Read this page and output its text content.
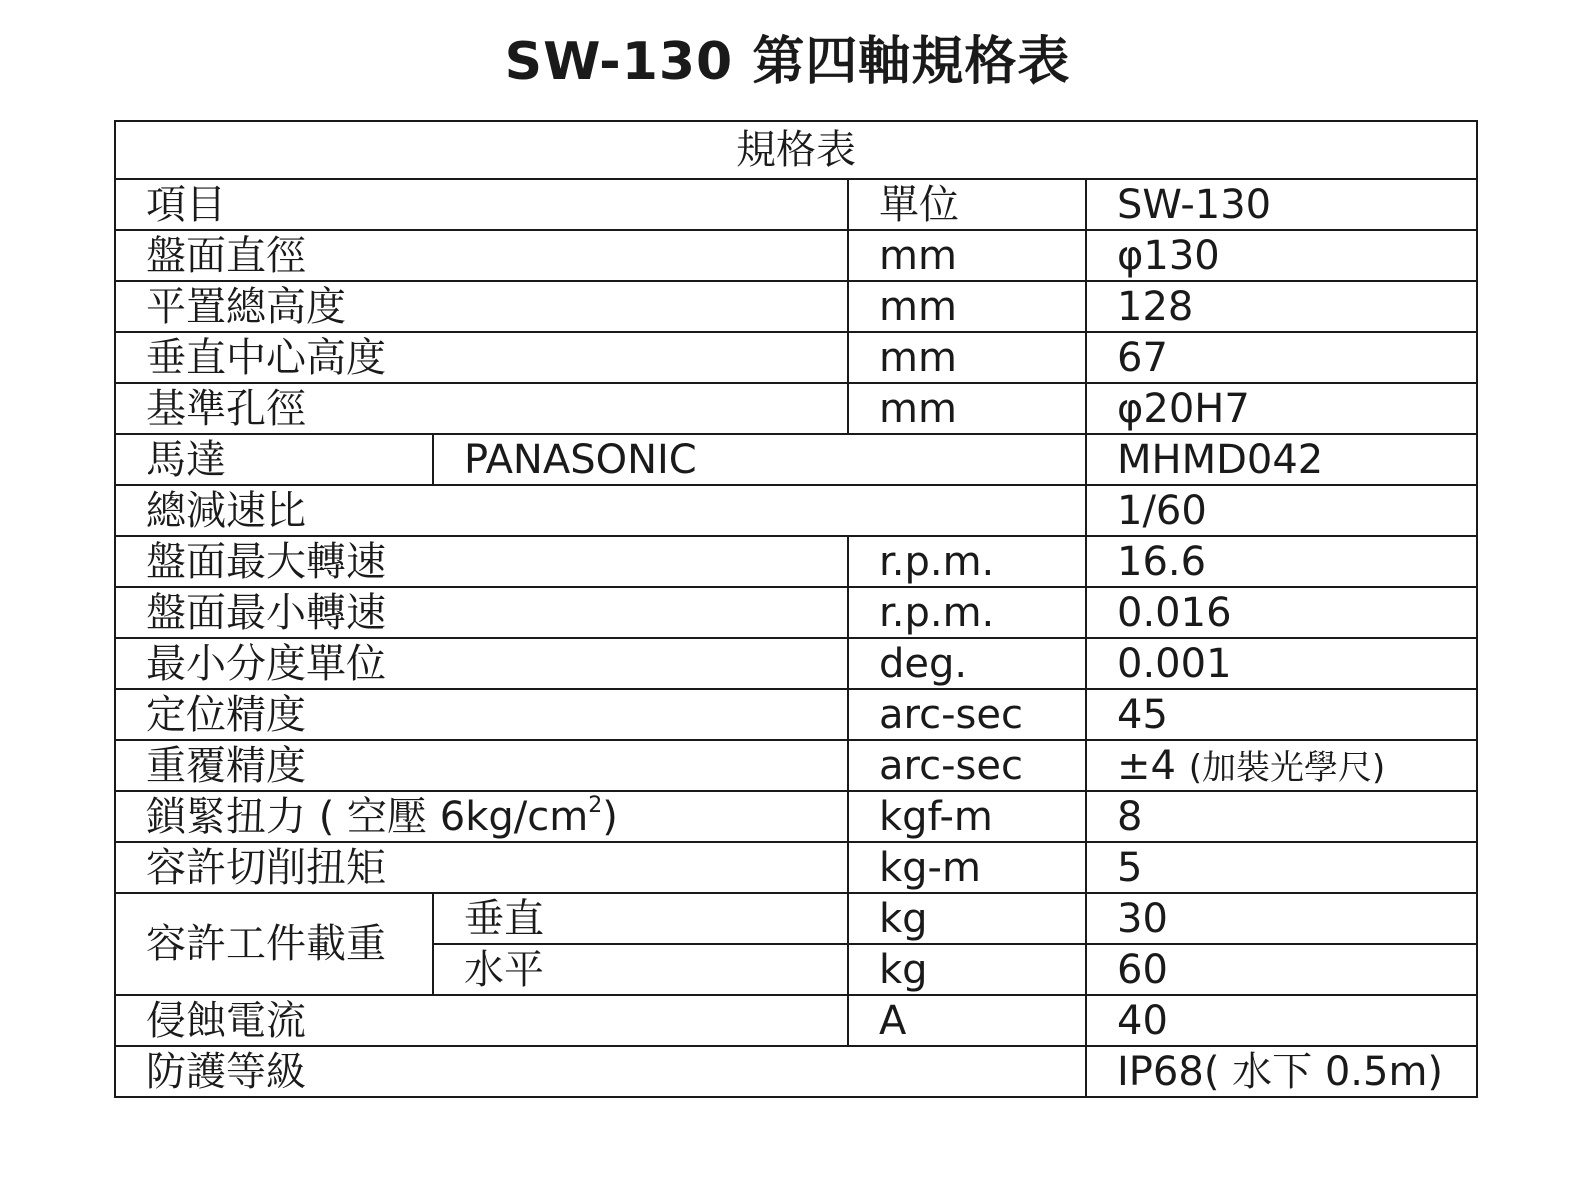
SW-130 第四軸規格表
規格表			
項目		單位	SW-130
盤面直徑		mm	φ130
平置總高度		mm	128
垂直中心高度		mm	67
基準孔徑		mm	φ20H7
馬達	PANASONIC		MHMD042
總減速比			1/60
盤面最大轉速		r.p.m.	16.6
盤面最小轉速		r.p.m.	0.016
最小分度單位		deg.	0.001
定位精度		arc-sec	45
重覆精度		arc-sec	±4 (加裝光學尺)
鎖緊扭力 ( 空壓 $6kg/cm^2$)		kgf-m	8
容許切削扭矩		kg-m	5
容許工件載重	垂直	kg	30
	水平	kg	60
侵蝕電流		A	40
防護等級			IP68( 水下 0.5m)
